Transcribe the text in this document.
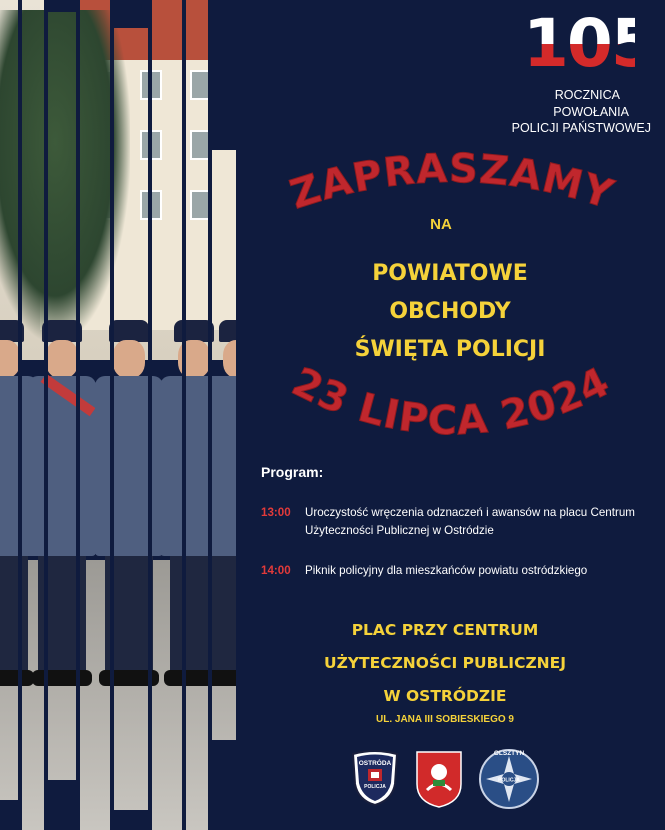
105
ROCZNICA
POWOŁANIA
POLICJI PAŃSTWOWEJ
ZAPRASZAMY
NA
POWIATOWE
OBCHODY
ŚWIĘTA POLICJI
23 LIPCA 2024
Program:
13:00	Uroczystość wręczenia odznaczeń i awansów na placu Centrum Użyteczności Publicznej w Ostródzie
14:00	Piknik policyjny dla mieszkańców powiatu ostródzkiego
PLAC PRZY CENTRUM
UŻYTECZNOŚCI PUBLICZNEJ
W OSTRÓDZIE
UL. JANA III SOBIESKIEGO 9
OSTRÓDA
POLICJA
OLSZTYN
POLICJA
